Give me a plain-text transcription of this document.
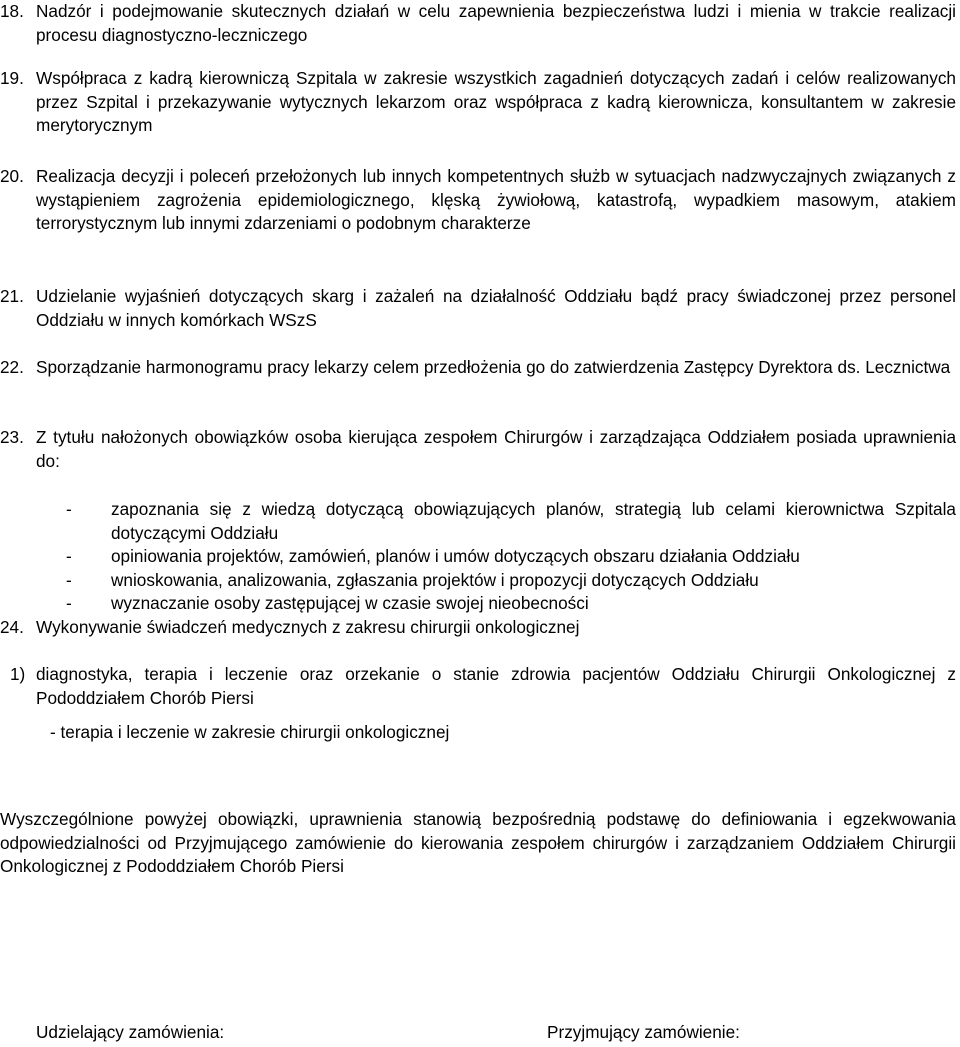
18. Nadzór i podejmowanie skutecznych działań w celu zapewnienia bezpieczeństwa ludzi i mienia w trakcie realizacji procesu diagnostyczno-leczniczego
19. Współpraca z kadrą kierowniczą Szpitala w zakresie wszystkich zagadnień dotyczących zadań i celów realizowanych przez Szpital i przekazywanie wytycznych lekarzom oraz współpraca z kadrą kierownicza, konsultantem w zakresie merytorycznym
20. Realizacja decyzji i poleceń przełożonych lub innych kompetentnych służb w sytuacjach nadzwyczajnych związanych z wystąpieniem zagrożenia epidemiologicznego, klęską żywiołową, katastrofą, wypadkiem masowym, atakiem terrorystycznym lub innymi zdarzeniami o podobnym charakterze
21. Udzielanie wyjaśnień dotyczących skarg i zażaleń na działalność Oddziału bądź pracy świadczonej przez personel Oddziału w innych komórkach WSzS
22. Sporządzanie harmonogramu pracy lekarzy celem przedłożenia go do zatwierdzenia Zastępcy Dyrektora ds. Lecznictwa
23. Z tytułu nałożonych obowiązków osoba kierująca zespołem Chirurgów i zarządzająca Oddziałem posiada uprawnienia do:
-	zapoznania się z wiedzą dotyczącą obowiązujących planów, strategią lub celami kierownictwa Szpitala dotyczącymi Oddziału
-	opiniowania projektów, zamówień, planów i umów dotyczących obszaru działania Oddziału
-	wnioskowania, analizowania, zgłaszania projektów i propozycji dotyczących Oddziału
-	wyznaczanie osoby zastępującej w czasie swojej nieobecności
24. Wykonywanie świadczeń medycznych z zakresu chirurgii onkologicznej
1) diagnostyka, terapia i leczenie oraz orzekanie o stanie zdrowia pacjentów Oddziału Chirurgii Onkologicznej z Pododdziałem Chorób Piersi
- terapia i leczenie w zakresie chirurgii onkologicznej
Wyszczególnione powyżej obowiązki, uprawnienia stanowią bezpośrednią podstawę do definiowania i egzekwowania odpowiedzialności od Przyjmującego zamówienie do kierowania zespołem chirurgów i zarządzaniem Oddziałem Chirurgii Onkologicznej z Pododdziałem Chorób Piersi
Udzielający zamówienia:	Przyjmujący zamówienie:
